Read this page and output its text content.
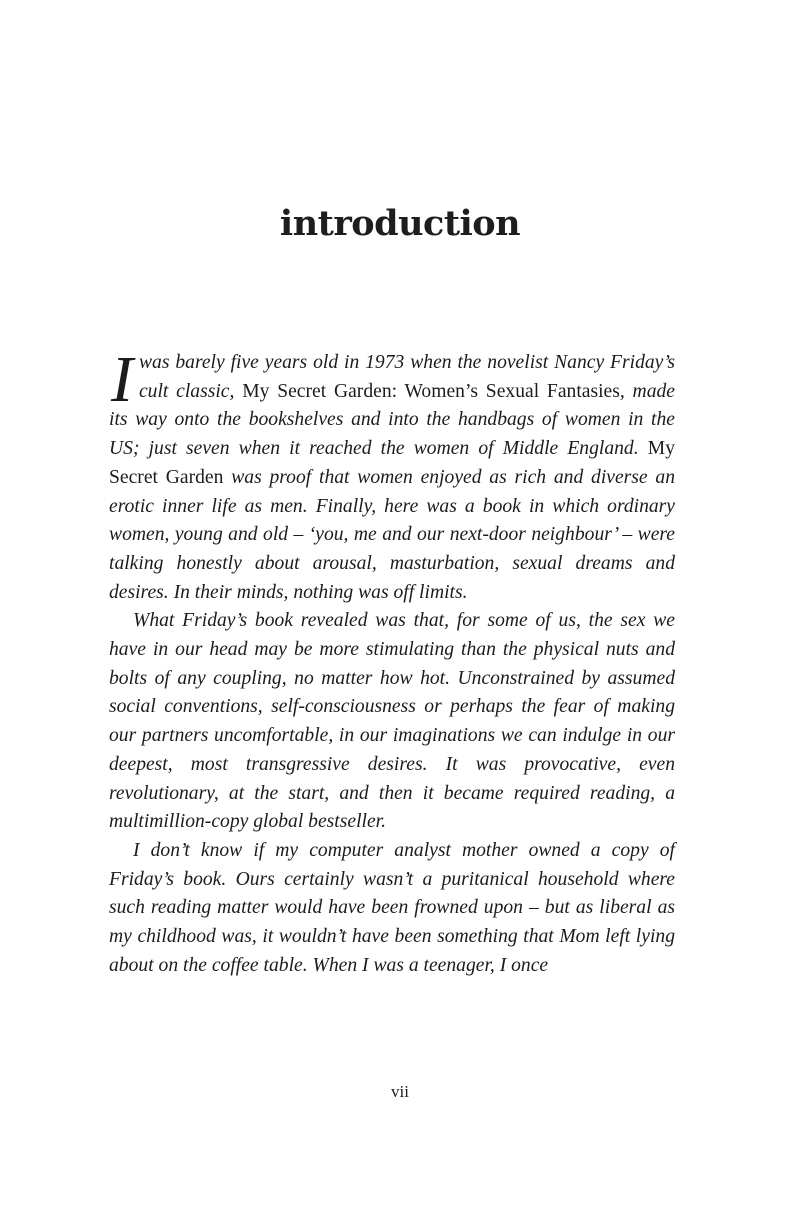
introduction

I was barely five years old in 1973 when the novelist Nancy Friday’s cult classic, My Secret Garden: Women’s Sexual Fantasies, made its way onto the bookshelves and into the handbags of women in the US; just seven when it reached the women of Middle England. My Secret Garden was proof that women enjoyed as rich and diverse an erotic inner life as men. Finally, here was a book in which ordinary women, young and old – ‘you, me and our next-door neighbour’ – were talking honestly about arousal, masturbation, sexual dreams and desires. In their minds, nothing was off limits.

What Friday’s book revealed was that, for some of us, the sex we have in our head may be more stimulating than the physical nuts and bolts of any coupling, no matter how hot. Unconstrained by assumed social conventions, self-consciousness or perhaps the fear of making our partners uncomfortable, in our imaginations we can indulge in our deepest, most transgressive desires. It was provocative, even revolutionary, at the start, and then it became required reading, a multimillion-copy global bestseller.

I don’t know if my computer analyst mother owned a copy of Friday’s book. Ours certainly wasn’t a puritanical household where such reading matter would have been frowned upon – but as liberal as my childhood was, it wouldn’t have been something that Mom left lying about on the coffee table. When I was a teenager, I once

vii
